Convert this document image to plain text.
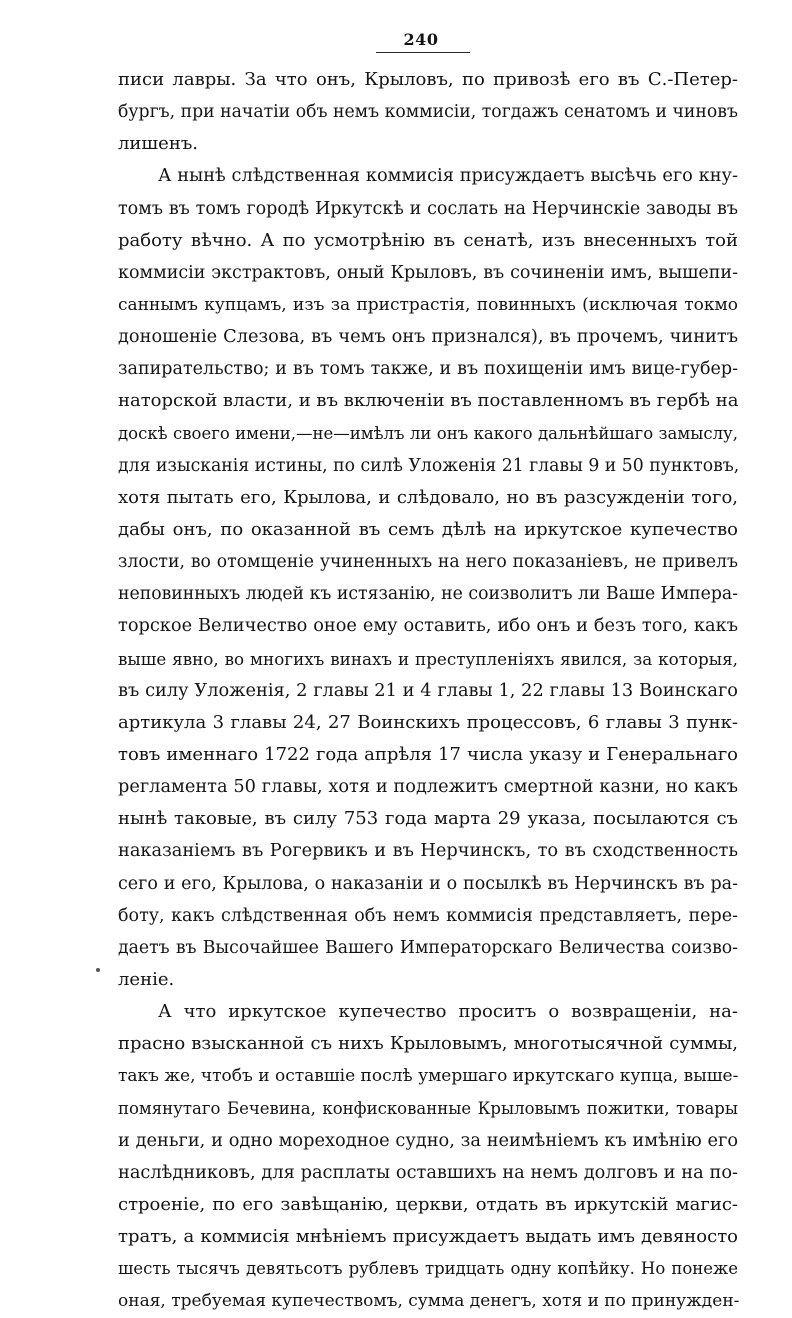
240
писи лавры. За что онъ, Крыловъ, по привозѣ его въ С.-Петер-
бургъ, при начатіи объ немъ коммисіи, тогдажъ сенатомъ и чиновъ
лишенъ.
А нынѣ слѣдственная коммисія присуждаетъ высѣчь его кну-
томъ въ томъ городѣ Иркутскѣ и сослать на Нерчинскіе заводы въ
работу вѣчно. А по усмотрѣнію въ сенатѣ, изъ внесенныхъ той
коммисіи экстрактовъ, оный Крыловъ, въ сочиненіи имъ, вышепи-
саннымъ купцамъ, изъ за пристрастія, повинныхъ (исключая токмо
доношеніе Слезова, въ чемъ онъ признался), въ прочемъ, чинитъ
запирательство; и въ томъ также, и въ похищеніи имъ вице-губер-
наторской власти, и въ включеніи въ поставленномъ въ гербѣ на
доскѣ своего имени,—не—имѣлъ ли онъ какого дальнѣйшаго замыслу,
для изысканія истины, по силѣ Уложенія 21 главы 9 и 50 пунктовъ,
хотя пытать его, Крылова, и слѣдовало, но въ разсужденіи того,
дабы онъ, по оказанной въ семъ дѣлѣ на иркутское купечество
злости, во отомщеніе учиненныхъ на него показаніевъ, не привелъ
неповинныхъ людей къ истязанію, не соизволитъ ли Ваше Импера-
торское Величество оное ему оставить, ибо онъ и безъ того, какъ
выше явно, во многихъ винахъ и преступленіяхъ явился, за которыя,
въ силу Уложенія, 2 главы 21 и 4 главы 1, 22 главы 13 Воинскаго
артикула 3 главы 24, 27 Воинскихъ процессовъ, 6 главы 3 пунк-
товъ именнаго 1722 года апрѣля 17 числа указу и Генеральнаго
регламента 50 главы, хотя и подлежитъ смертной казни, но какъ
нынѣ таковые, въ силу 753 года марта 29 указа, посылаются съ
наказаніемъ въ Рогервикъ и въ Нерчинскъ, то въ сходственность
сего и его, Крылова, о наказаніи и о посылкѣ въ Нерчинскъ въ ра-
боту, какъ слѣдственная объ немъ коммисія представляетъ, пере-
даетъ въ Высочайшее Вашего Императорскаго Величества соизво-
леніе.
А что иркутское купечество проситъ о возвращеніи, на-
прасно взысканной съ нихъ Крыловымъ, многотысячной суммы,
такъ же, чтобъ и оставшіе послѣ умершаго иркутскаго купца, выше-
помянутаго Бечевина, конфискованные Крыловымъ пожитки, товары
и деньги, и одно мореходное судно, за неимѣніемъ къ имѣнію его
наслѣдниковъ, для расплаты оставшихъ на немъ долговъ и на по-
строеніе, по его завѣщанію, церкви, отдать въ иркутскій магис-
тратъ, а коммисія мнѣніемъ присуждаетъ выдать имъ девяносто
шесть тысячъ девятьсотъ рублевъ тридцать одну копѣйку. Но понеже
оная, требуемая купечествомъ, сумма денегъ, хотя и по принужден-
